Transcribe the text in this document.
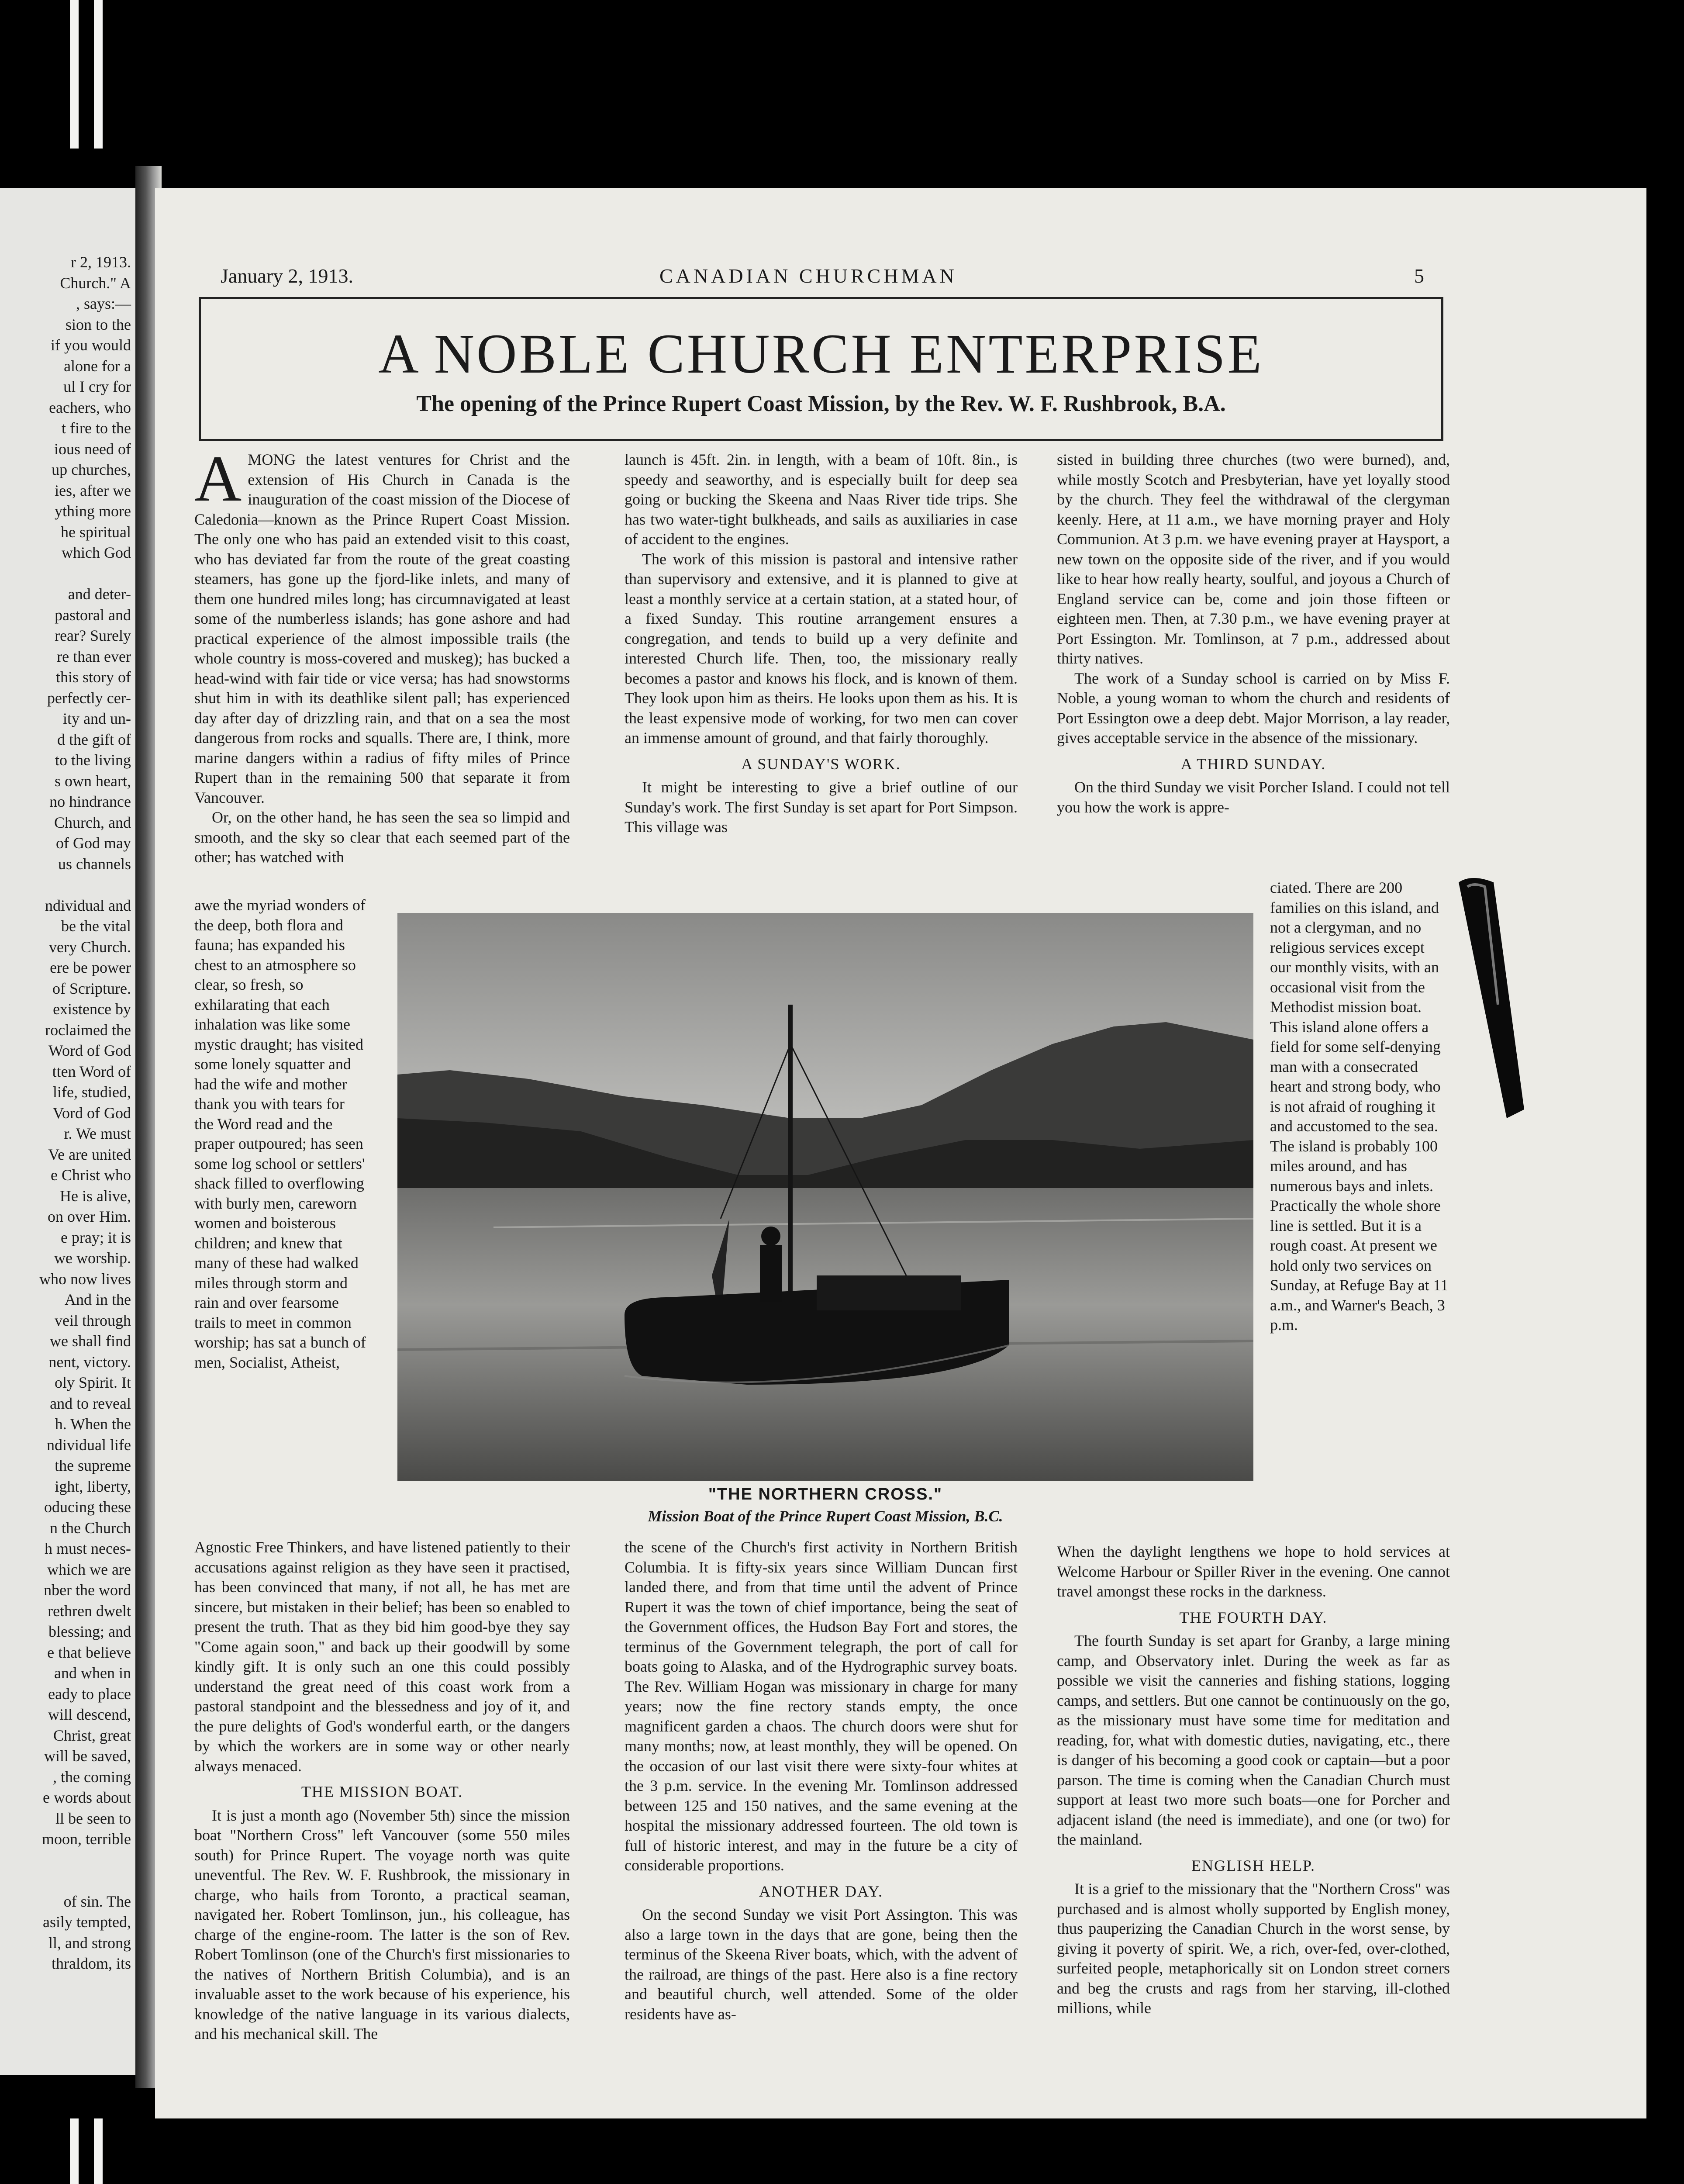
r 2, 1913.
Church." A
, says:—
sion to the
if you would
alone for a
ul I cry for
eachers, who
t fire to the
ious need of
up churches,
ies, after we
ything more
he spiritual
which God
and deter-
pastoral and
rear? Surely
re than ever
this story of
perfectly cer-
ity and un-
d the gift of
to the living
s own heart,
no hindrance
Church, and
of God may
us channels
ndividual and
be the vital
very Church.
ere be power
of Scripture.
existence by
roclaimed the
Word of God
tten Word of
life, studied,
Vord of God
r. We must
Ve are united
e Christ who
He is alive,
on over Him.
e pray; it is
we worship.
who now lives
And in the
veil through
we shall find
nent, victory.
oly Spirit. It
and to reveal
h. When the
ndividual life
the supreme
ight, liberty,
oducing these
n the Church
h must neces-
which we are
nber the word
rethren dwelt
blessing; and
e that believe
and when in
eady to place
will descend,
Christ, great
will be saved,
, the coming
e words about
ll be seen to
moon, terrible
of sin. The
asily tempted,
ll, and strong
thraldom, its
January 2, 1913.	CANADIAN CHURCHMAN	5
A NOBLE CHURCH ENTERPRISE
The opening of the Prince Rupert Coast Mission, by the Rev. W. F. Rushbrook, B.A.

AMONG the latest ventures for Christ and the extension of His Church in Canada is the inauguration of the coast mission of the Diocese of Caledonia—known as the Prince Rupert Coast Mission. The only one who has paid an extended visit to this coast, who has deviated far from the route of the great coasting steamers, has gone up the fjord-like inlets, and many of them one hundred miles long; has circumnavigated at least some of the numberless islands; has gone ashore and had practical experience of the almost impossible trails (the whole country is moss-covered and muskeg); has bucked a head-wind with fair tide or vice versa; has had snowstorms shut him in with its deathlike silent pall; has experienced day after day of drizzling rain, and that on a sea the most dangerous from rocks and squalls. There are, I think, more marine dangers within a radius of fifty miles of Prince Rupert than in the remaining 500 that separate it from Vancouver.

Or, on the other hand, he has seen the sea so limpid and smooth, and the sky so clear that each seemed part of the other; has watched with

awe the myriad wonders of the deep, both flora and fauna; has expanded his chest to an atmosphere so clear, so fresh, so exhilarating that each inhalation was like some mystic draught; has visited some lonely squatter and had the wife and mother thank you with tears for the Word read and the praper outpoured; has seen some log school or settlers' shack filled to overflowing with burly men, careworn women and boisterous children; and knew that many of these had walked miles through storm and rain and over fearsome trails to meet in common worship; has sat a bunch of men, Socialist, Atheist,

Agnostic Free Thinkers, and have listened patiently to their accusations against religion as they have seen it practised, has been convinced that many, if not all, he has met are sincere, but mistaken in their belief; has been so enabled to present the truth. That as they bid him good-bye they say "Come again soon," and back up their goodwill by some kindly gift. It is only such an one this could possibly understand the great need of this coast work from a pastoral standpoint and the blessedness and joy of it, and the pure delights of God's wonderful earth, or the dangers by which the workers are in some way or other nearly always menaced.

THE MISSION BOAT.

It is just a month ago (November 5th) since the mission boat "Northern Cross" left Vancouver (some 550 miles south) for Prince Rupert. The voyage north was quite uneventful. The Rev. W. F. Rushbrook, the missionary in charge, who hails from Toronto, a practical seaman, navigated her. Robert Tomlinson, jun., his colleague, has charge of the engine-room. The latter is the son of Rev. Robert Tomlinson (one of the Church's first missionaries to the natives of Northern British Columbia), and is an invaluable asset to the work because of his experience, his knowledge of the native language in its various dialects, and his mechanical skill. The

launch is 45ft. 2in. in length, with a beam of 10ft. 8in., is speedy and seaworthy, and is especially built for deep sea going or bucking the Skeena and Naas River tide trips. She has two water-tight bulkheads, and sails as auxiliaries in case of accident to the engines.

The work of this mission is pastoral and intensive rather than supervisory and extensive, and it is planned to give at least a monthly service at a certain station, at a stated hour, of a fixed Sunday. This routine arrangement ensures a congregation, and tends to build up a very definite and interested Church life. Then, too, the missionary really becomes a pastor and knows his flock, and is known of them. They look upon him as theirs. He looks upon them as his. It is the least expensive mode of working, for two men can cover an immense amount of ground, and that fairly thoroughly.

A SUNDAY'S WORK.

It might be interesting to give a brief outline of our Sunday's work. The first Sunday is set apart for Port Simpson. This village was

the scene of the Church's first activity in Northern British Columbia. It is fifty-six years since William Duncan first landed there, and from that time until the advent of Prince Rupert it was the town of chief importance, being the seat of the Government offices, the Hudson Bay Fort and stores, the terminus of the Government telegraph, the port of call for boats going to Alaska, and of the Hydrographic survey boats. The Rev. William Hogan was missionary in charge for many years; now the fine rectory stands empty, the once magnificent garden a chaos. The church doors were shut for many months; now, at least monthly, they will be opened. On the occasion of our last visit there were sixty-four whites at the 3 p.m. service. In the evening Mr. Tomlinson addressed between 125 and 150 natives, and the same evening at the hospital the missionary addressed fourteen. The old town is full of historic interest, and may in the future be a city of considerable proportions.

ANOTHER DAY.

On the second Sunday we visit Port Assington. This was also a large town in the days that are gone, being then the terminus of the Skeena River boats, which, with the advent of the railroad, are things of the past. Here also is a fine rectory and beautiful church, well attended. Some of the older residents have as-

sisted in building three churches (two were burned), and, while mostly Scotch and Presbyterian, have yet loyally stood by the church. They feel the withdrawal of the clergyman keenly. Here, at 11 a.m., we have morning prayer and Holy Communion. At 3 p.m. we have evening prayer at Haysport, a new town on the opposite side of the river, and if you would like to hear how really hearty, soulful, and joyous a Church of England service can be, come and join those fifteen or eighteen men. Then, at 7.30 p.m., we have evening prayer at Port Essington. Mr. Tomlinson, at 7 p.m., addressed about thirty natives.

The work of a Sunday school is carried on by Miss F. Noble, a young woman to whom the church and residents of Port Essington owe a deep debt. Major Morrison, a lay reader, gives acceptable service in the absence of the missionary.

A THIRD SUNDAY.

On the third Sunday we visit Porcher Island. I could not tell you how the work is appre-

ciated. There are 200 families on this island, and not a clergyman, and no religious services except our monthly visits, with an occasional visit from the Methodist mission boat. This island alone offers a field for some self-denying man with a consecrated heart and strong body, who is not afraid of roughing it and accustomed to the sea. The island is probably 100 miles around, and has numerous bays and inlets. Practically the whole shore line is settled. But it is a rough coast. At present we hold only two services on Sunday, at Refuge Bay at 11 a.m., and Warner's Beach, 3 p.m.

When the daylight lengthens we hope to hold services at Welcome Harbour or Spiller River in the evening. One cannot travel amongst these rocks in the darkness.

THE FOURTH DAY.

The fourth Sunday is set apart for Granby, a large mining camp, and Observatory inlet. During the week as far as possible we visit the canneries and fishing stations, logging camps, and settlers. But one cannot be continuously on the go, as the missionary must have some time for meditation and reading, for, what with domestic duties, navigating, etc., there is danger of his becoming a good cook or captain—but a poor parson. The time is coming when the Canadian Church must support at least two more such boats—one for Porcher and adjacent island (the need is immediate), and one (or two) for the mainland.

ENGLISH HELP.

It is a grief to the missionary that the "Northern Cross" was purchased and is almost wholly supported by English money, thus pauperizing the Canadian Church in the worst sense, by giving it poverty of spirit. We, a rich, over-fed, over-clothed, surfeited people, metaphorically sit on London street corners and beg the crusts and rags from her starving, ill-clothed millions, while

"THE NORTHERN CROSS."
Mission Boat of the Prince Rupert Coast Mission, B.C.
